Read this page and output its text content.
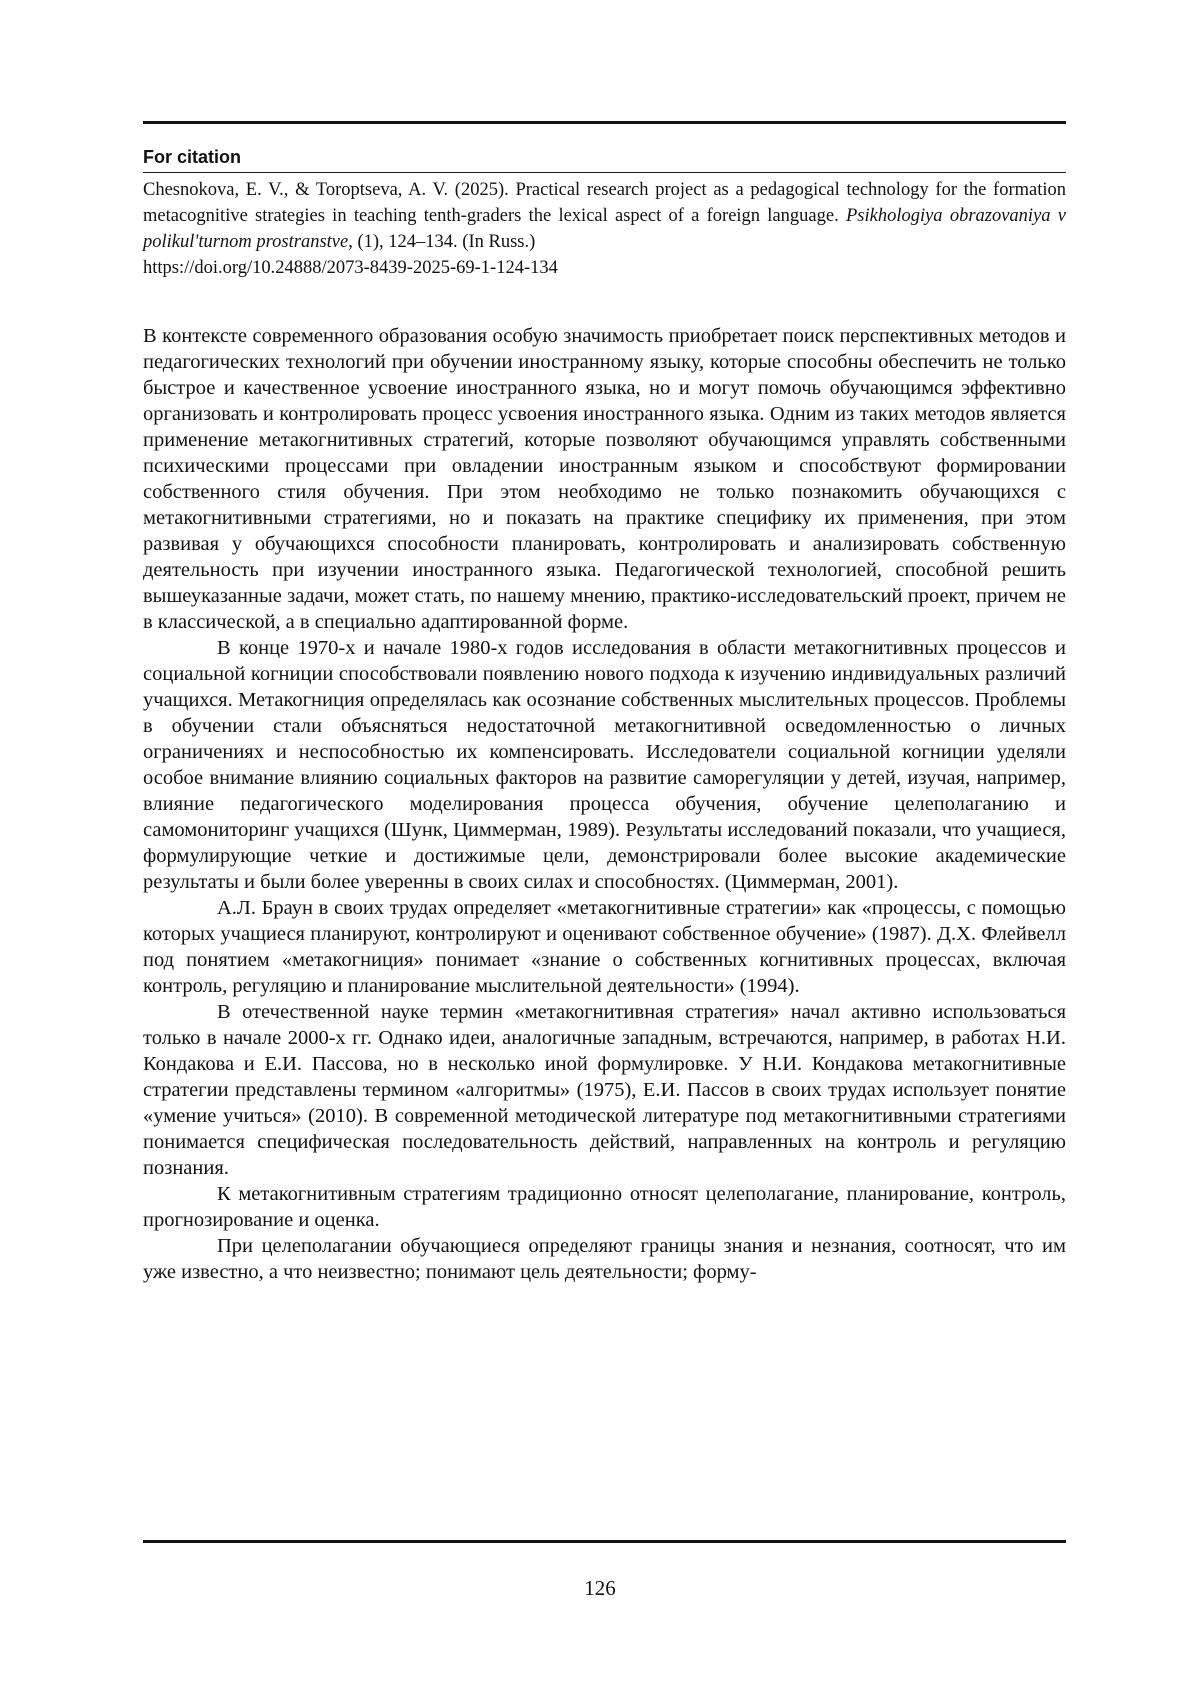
For citation
Chesnokova, E. V., & Toroptseva, A. V. (2025). Practical research project as a pedagogical technolo­gy for the formation metacognitive strategies in teaching tenth-graders the lexical aspect of a foreign language. Psikhologiya obrazovaniya v polikul'turnom prostranstve, (1), 124–134. (In Russ.)
https://doi.org/10.24888/2073-8439-2025-69-1-124-134

В контексте современного образования особую значимость приобретает поиск перспек­тивных методов и педагогических технологий при обучении иностранному языку, ко­торые способны обеспечить не только быстрое и качественное усвоение иностранного языка, но и могут помочь обучающимся эффективно организовать и контролировать процесс усвоения иностранного языка. Одним из таких методов является применение метакогнитивных стратегий, которые позволяют обучающимся управлять собственны­ми психическими процессами при овладении иностранным языком и способствуют формировании собственного стиля обучения. При этом необходимо не только познако­мить обучающихся с метакогнитивными стратегиями, но и показать на практике спе­цифику их применения, при этом развивая у обучающихся способности планировать, контролировать и анализировать собственную деятельность при изучении иностранно­го языка. Педагогической технологией, способной решить вышеуказанные задачи, мо­жет стать, по нашему мнению, практико-исследовательский проект, причем не в клас­сической, а в специально адаптированной форме.

В конце 1970-х и начале 1980-х годов исследования в области метакогнитивных процессов и социальной когниции способствовали появлению нового подхода к изуче­нию индивидуальных различий учащихся. Метакогниция определялась как осознание собственных мыслительных процессов. Проблемы в обучении стали объясняться не­достаточной метакогнитивной осведомленностью о личных ограничениях и неспособ­ностью их компенсировать. Исследователи социальной когниции уделяли особое вни­мание влиянию социальных факторов на развитие саморегуляции у детей, изучая, на­пример, влияние педагогического моделирования процесса обучения, обучение целеполаганию и самомониторинг учащихся (Шунк, Циммерман, 1989). Результаты ис­следований показали, что учащиеся, формулирующие четкие и достижимые цели, де­монстрировали более высокие академические результаты и были более уверенны в сво­их силах и способностях. (Циммерман, 2001).

А.Л. Браун в своих трудах определяет «метакогнитивные стратегии» как «про­цессы, с помощью которых учащиеся планируют, контролируют и оценивают собст­венное обучение» (1987). Д.Х. Флейвелл под понятием «метакогниция» понимает «зна­ние о собственных когнитивных процессах, включая контроль, регуляцию и планиро­вание мыслительной деятельности» (1994).

В отечественной науке термин «метакогнитивная стратегия» начал активно ис­пользоваться только в начале 2000-х гг. Однако идеи, аналогичные западным, встреча­ются, например, в работах Н.И. Кондакова и Е.И. Пассова, но в несколько иной форму­лировке. У Н.И. Кондакова метакогнитивные стратегии представлены термином «алго­ритмы» (1975), Е.И. Пассов в своих трудах использует понятие «умение учиться» (2010). В современной методической литературе под метакогнитивными стратегиями понимается специфическая последовательность действий, направленных на контроль и регуляцию познания.

К метакогнитивным стратегиям традиционно относят целеполагание, планиро­вание, контроль, прогнозирование и оценка.

При целеполагании обучающиеся определяют границы знания и незнания, со­относят, что им уже известно, а что неизвестно; понимают цель деятельности; форму-

126
